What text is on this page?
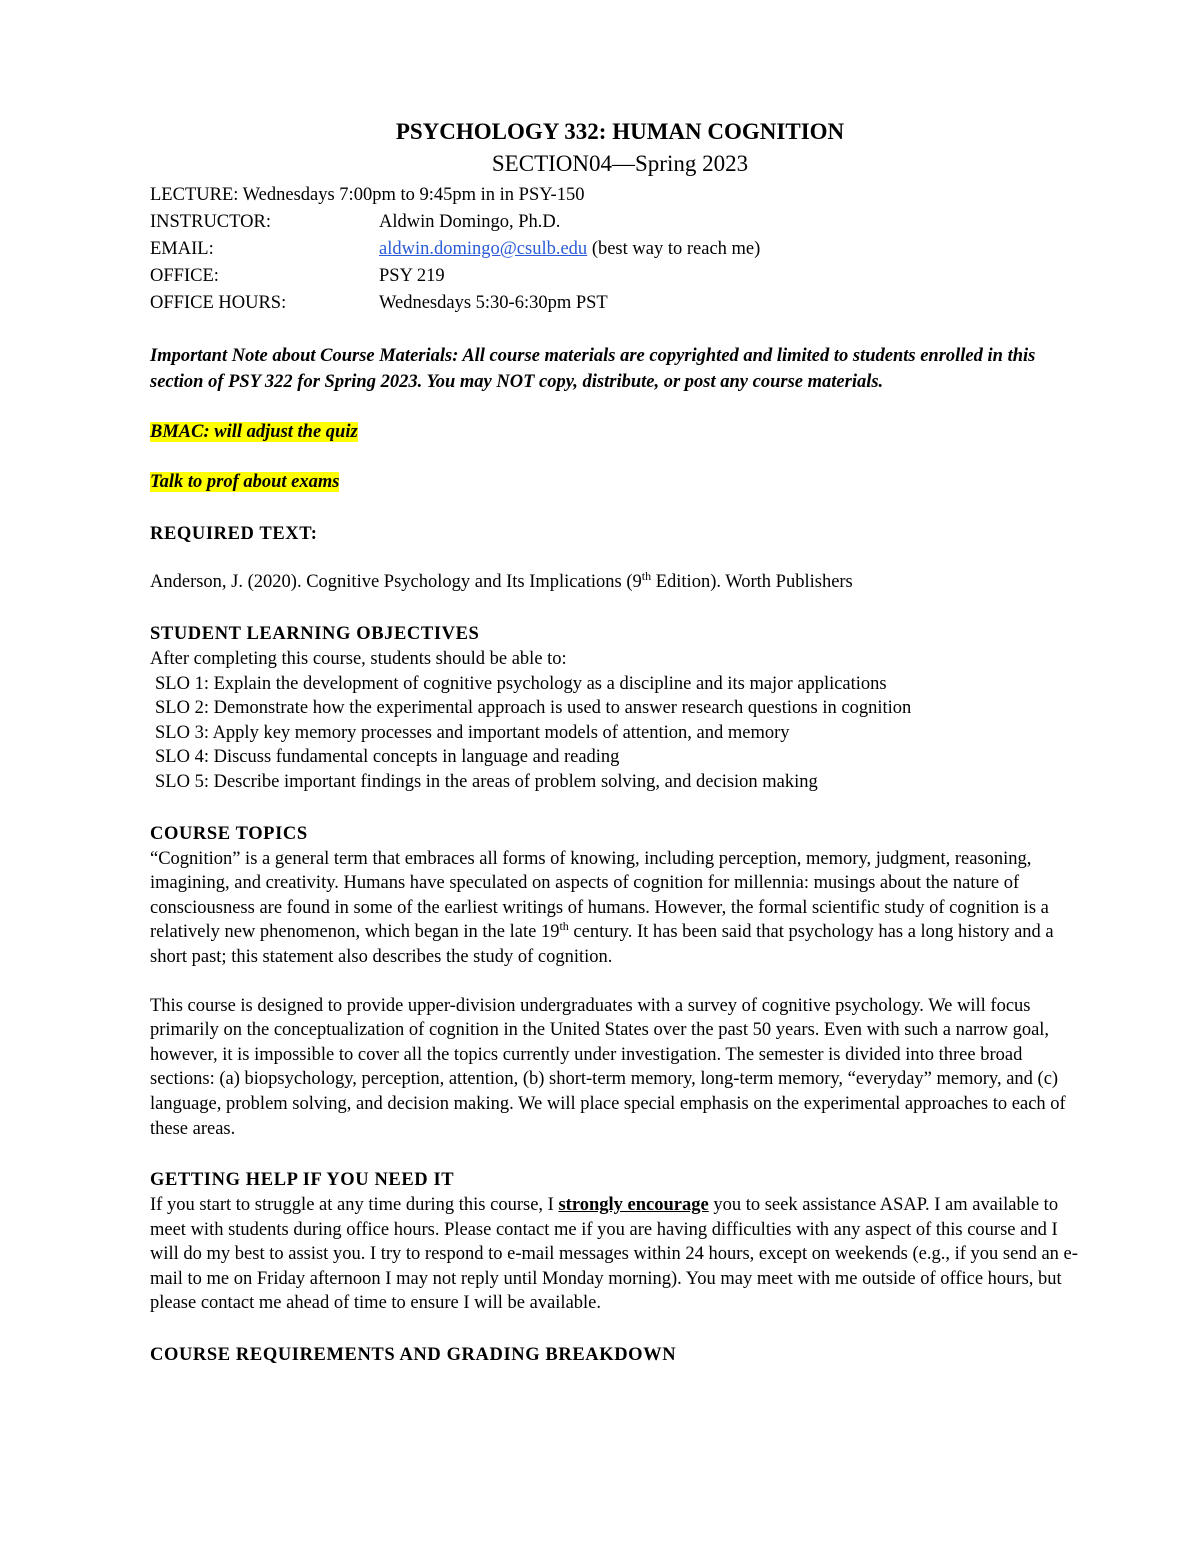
PSYCHOLOGY 332: HUMAN COGNITION
SECTION04—Spring 2023
LECTURE: Wednesdays 7:00pm to 9:45pm in in PSY-150
INSTRUCTOR:	Aldwin Domingo, Ph.D.
EMAIL:	aldwin.domingo@csulb.edu (best way to reach me)
OFFICE:	PSY 219
OFFICE HOURS:	Wednesdays 5:30-6:30pm PST
Important Note about Course Materials: All course materials are copyrighted and limited to students enrolled in this section of PSY 322 for Spring 2023. You may NOT copy, distribute, or post any course materials.
BMAC: will adjust the quiz
Talk to prof about exams
REQUIRED TEXT:
Anderson, J. (2020). Cognitive Psychology and Its Implications (9th Edition). Worth Publishers
STUDENT LEARNING OBJECTIVES
After completing this course, students should be able to:
SLO 1: Explain the development of cognitive psychology as a discipline and its major applications
SLO 2: Demonstrate how the experimental approach is used to answer research questions in cognition
SLO 3: Apply key memory processes and important models of attention, and memory
SLO 4: Discuss fundamental concepts in language and reading
SLO 5: Describe important findings in the areas of problem solving, and decision making
COURSE TOPICS
“Cognition” is a general term that embraces all forms of knowing, including perception, memory, judgment, reasoning, imagining, and creativity. Humans have speculated on aspects of cognition for millennia: musings about the nature of consciousness are found in some of the earliest writings of humans. However, the formal scientific study of cognition is a relatively new phenomenon, which began in the late 19th century. It has been said that psychology has a long history and a short past; this statement also describes the study of cognition.
This course is designed to provide upper-division undergraduates with a survey of cognitive psychology. We will focus primarily on the conceptualization of cognition in the United States over the past 50 years. Even with such a narrow goal, however, it is impossible to cover all the topics currently under investigation. The semester is divided into three broad sections: (a) biopsychology, perception, attention, (b) short-term memory, long-term memory, “everyday” memory, and (c) language, problem solving, and decision making. We will place special emphasis on the experimental approaches to each of these areas.
GETTING HELP IF YOU NEED IT
If you start to struggle at any time during this course, I strongly encourage you to seek assistance ASAP. I am available to meet with students during office hours. Please contact me if you are having difficulties with any aspect of this course and I will do my best to assist you. I try to respond to e-mail messages within 24 hours, except on weekends (e.g., if you send an e-mail to me on Friday afternoon I may not reply until Monday morning). You may meet with me outside of office hours, but please contact me ahead of time to ensure I will be available.
COURSE REQUIREMENTS AND GRADING BREAKDOWN
